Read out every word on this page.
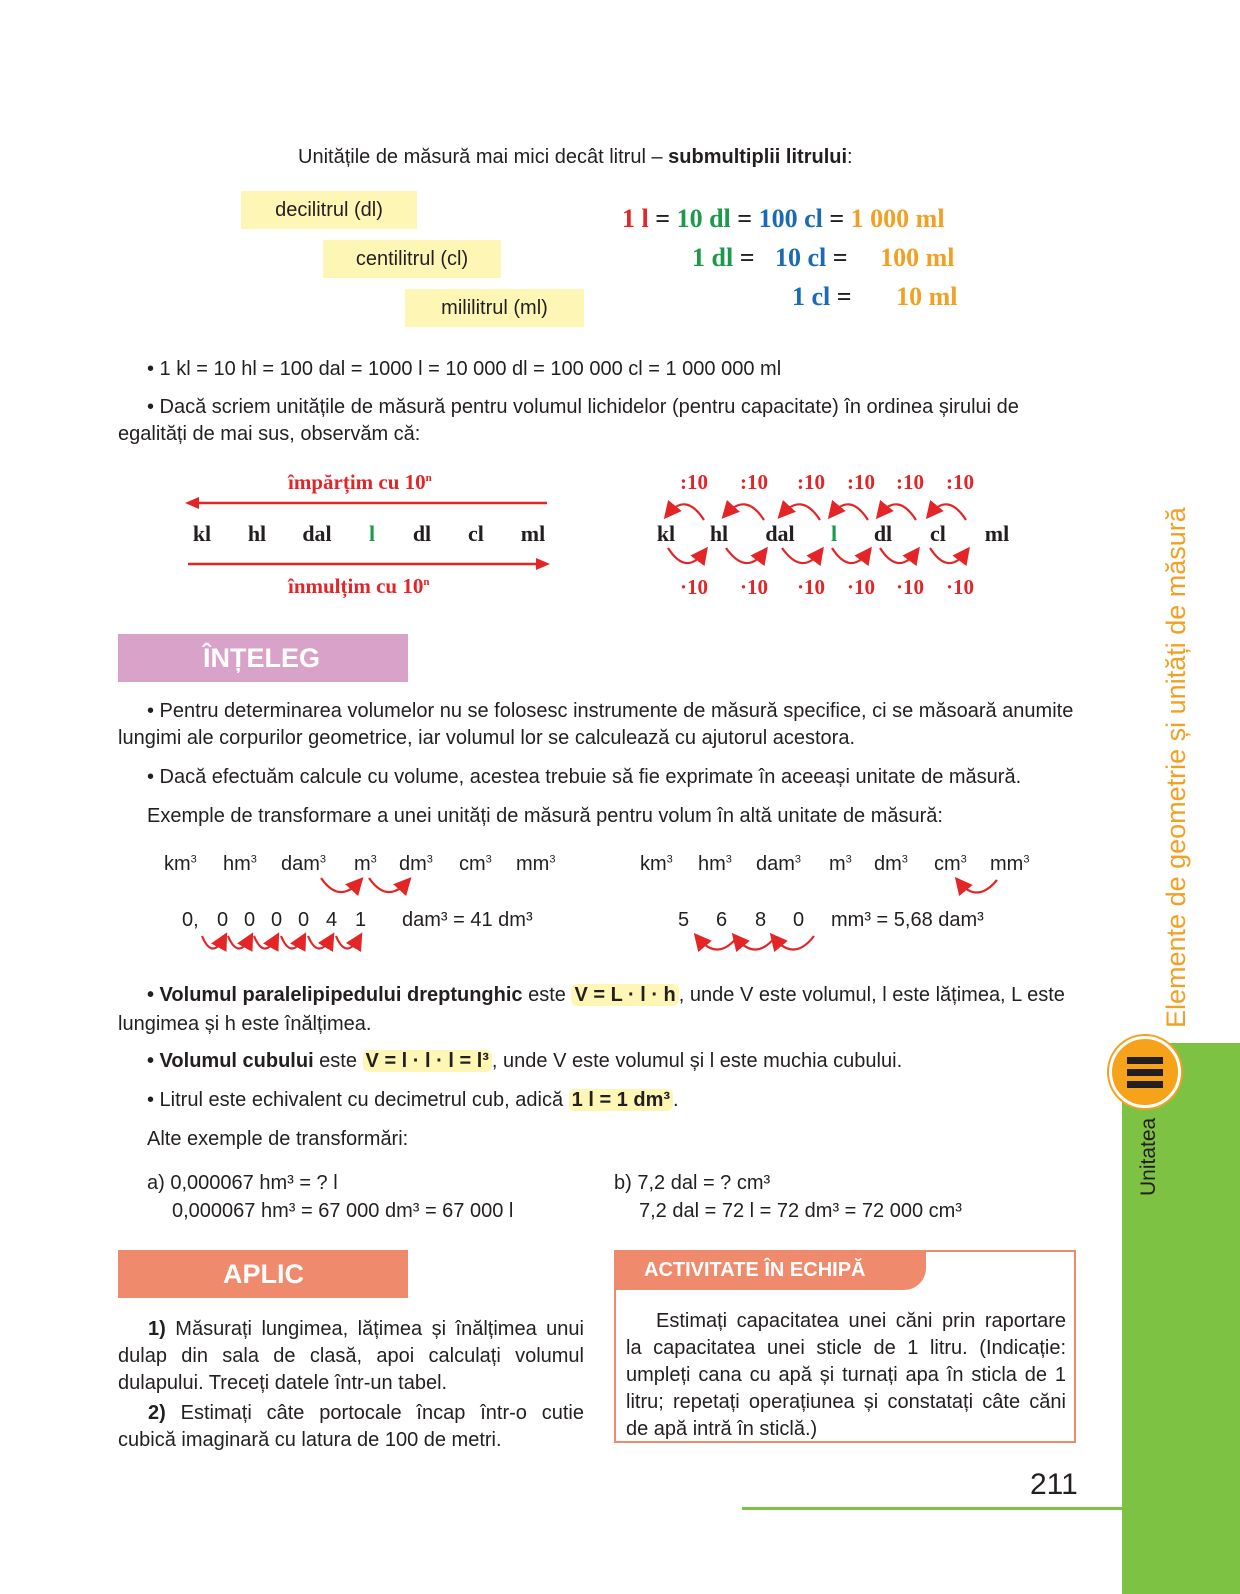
Unitățile de măsură mai mici decât litrul – submultiplii litrului:
decilitrul (dl)
centilitrul (cl)
mililitrul (ml)
1 l = 10 dl = 100 cl = 1 000 ml
1 dl = 10 cl = 100 ml
1 cl = 10 ml
• 1 kl = 10 hl = 100 dal = 1000 l = 10 000 dl = 100 000 cl = 1 000 000 ml
• Dacă scriem unitățile de măsură pentru volumul lichidelor (pentru capacitate) în ordinea șirului de egalități de mai sus, observăm că:
împărțim cu 10$^n$
kl	hl	dal	l	dl	cl	ml
înmulțim cu 10$^n$
:10	:10	:10	:10	:10	:10
kl	hl	dal	l	dl	cl	ml
·10	·10	·10	·10 ·10	·10
ÎNȚELEG
• Pentru determinarea volumelor nu se folosesc instrumente de măsură specifice, ci se măsoară anumite lungimi ale corpurilor geometrice, iar volumul lor se calculează cu ajutorul acestora.
• Dacă efectuăm calcule cu volume, acestea trebuie să fie exprimate în aceeași unitate de măsură.
Exemple de transformare a unei unități de măsură pentru volum în altă unitate de măsură:
$km^3$ $hm^3$ dam$^3$ $m^3$ $dm^3$ $cm^3$ $mm^3$	$km^3$ $hm^3$ dam$^3$ $m^3$ $dm^3$ $cm^3$ $mm^3$
0, 0 0 0 0 4 1 dam³ = 41 dm³	5 6 8 0 mm³ = 5,68 dam³
• Volumul paralelipipedului dreptunghic este V = L · l · h , unde V este volumul, l este lățimea, L este lungimea și h este înălțimea.
• Volumul cubului este V = l · l · l = l³ , unde V este volumul și l este muchia cubului.
• Litrul este echivalent cu decimetrul cub, adică 1 l = 1 dm³ .
Alte exemple de transformări:
a) 0,000067 hm³ = ? l
0,000067 hm³ = 67 000 dm³ = 67 000 l
b) 7,2 dal = ? cm³
7,2 dal = 72 l = 72 dm³ = 72 000 cm³
APLIC
1) Măsurați lungimea, lățimea și înălțimea unui dulap din sala de clasă, apoi calculați volumul dulapului. Treceți datele într-un tabel.
2) Estimați câte portocale încap într-o cutie cubică imaginară cu latura de 100 de metri.
ACTIVITATE ÎN ECHIPĂ
Estimați capacitatea unei căni prin raportare la capacitatea unei sticle de 1 litru. (Indicație: umpleți cana cu apă și turnați apa în sticla de 1 litru; repetați operațiunea și constatați câte căni de apă intră în sticlă.)
211
Elemente de geometrie și unități de măsură
Unitatea
